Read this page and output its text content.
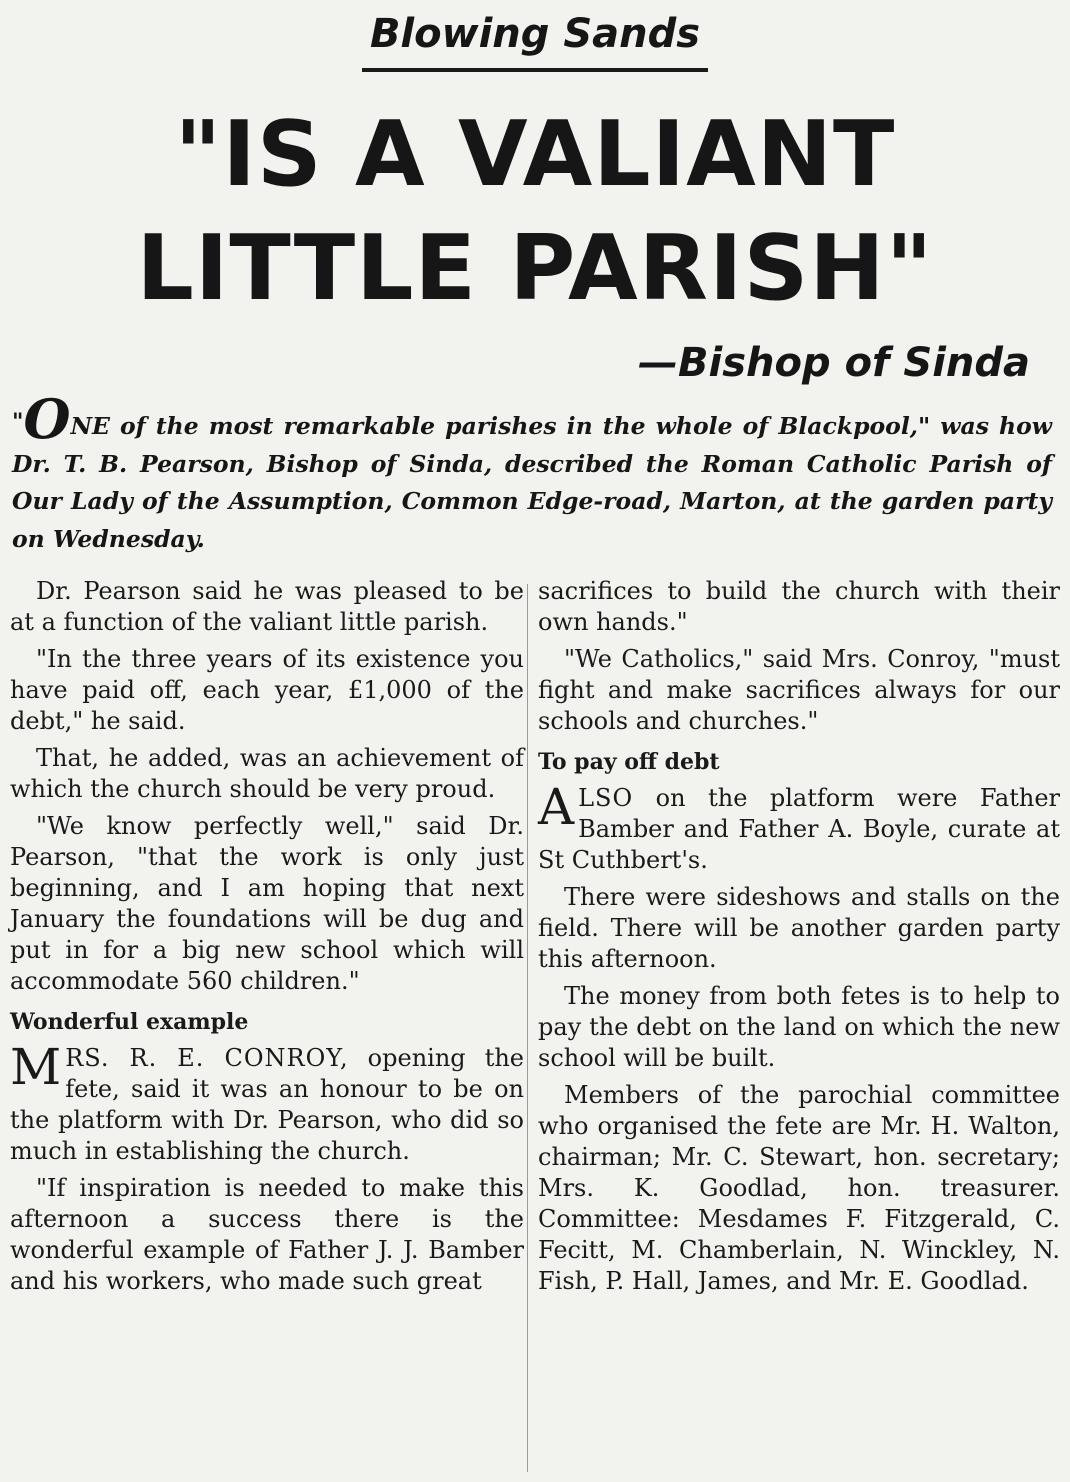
Blowing Sands
"IS A VALIANT LITTLE PARISH"
—Bishop of Sinda

"ONE of the most remarkable parishes in the whole of Blackpool," was how Dr. T. B. Pearson, Bishop of Sinda, described the Roman Catholic Parish of Our Lady of the Assumption, Common Edge-road, Marton, at the garden party on Wednesday.

Dr. Pearson said he was pleased to be at a function of the valiant little parish.

"In the three years of its existence you have paid off, each year, £1,000 of the debt," he said.

That, he added, was an achievement of which the church should be very proud.

"We know perfectly well," said Dr. Pearson, "that the work is only just beginning, and I am hoping that next January the foundations will be dug and put in for a big new school which will accommodate 560 children."

Wonderful example

MRS. R. E. CONROY, opening the fete, said it was an honour to be on the platform with Dr. Pearson, who did so much in establishing the church.

"If inspiration is needed to make this afternoon a success there is the wonderful example of Father J. J. Bamber and his workers, who made such great

sacrifices to build the church with their own hands."

"We Catholics," said Mrs. Conroy, "must fight and make sacrifices always for our schools and churches."

To pay off debt

ALSO on the platform were Father Bamber and Father A. Boyle, curate at St Cuthbert's.

There were sideshows and stalls on the field. There will be another garden party this afternoon.

The money from both fetes is to help to pay the debt on the land on which the new school will be built.

Members of the parochial committee who organised the fete are Mr. H. Walton, chairman; Mr. C. Stewart, hon. secretary; Mrs. K. Goodlad, hon. treasurer. Committee: Mesdames F. Fitzgerald, C. Fecitt, M. Chamberlain, N. Winckley, N. Fish, P. Hall, James, and Mr. E. Goodlad.
